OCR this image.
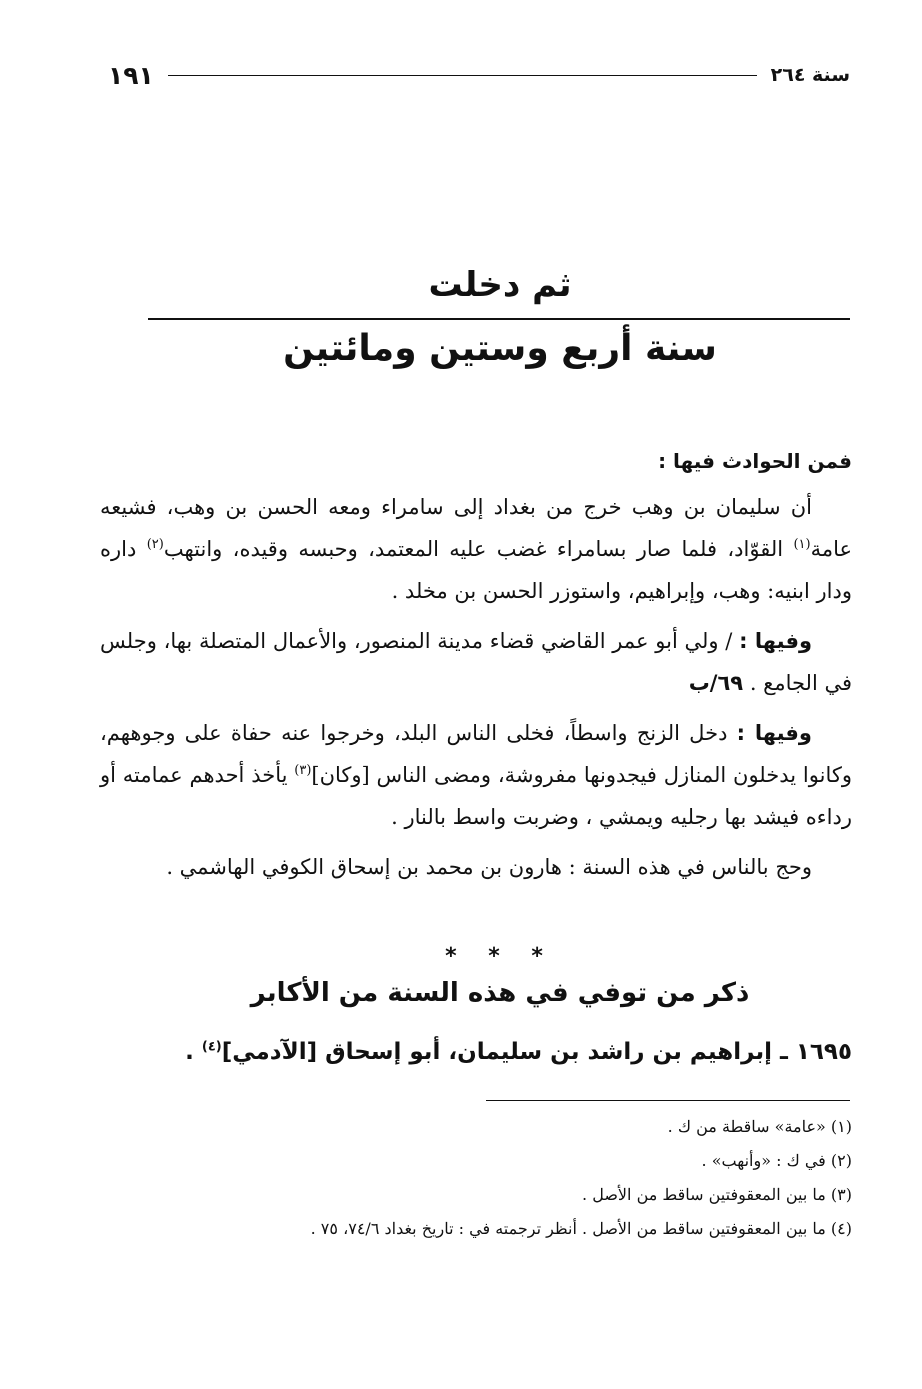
سنة ٢٦٤
١٩١
ثم دخلت
سنة أربع وستين ومائتين

فمن الحوادث فيها :

أن سليمان بن وهب خرج من بغداد إلى سامراء ومعه الحسن بن وهب، فشيعه عامة$^{(١)}$ القوّاد، فلما صار بسامراء غضب عليه المعتمد، وحبسه وقيده، وانتهب$^{(٢)}$ داره ودار ابنيه: وهب، وإبراهيم، واستوزر الحسن بن مخلد .

وفيها : / ولي أبو عمر القاضي قضاء مدينة المنصور، والأعمال المتصلة بها، وجلس في الجامع . ٦٩/ب

وفيها : دخل الزنج واسطاً، فخلى الناس البلد، وخرجوا عنه حفاة على وجوههم، وكانوا يدخلون المنازل فيجدونها مفروشة، ومضى الناس [وكان]$^{(٣)}$ يأخذ أحدهم عمامته أو رداءه فيشد بها رجليه ويمشي ، وضربت واسط بالنار .

وحج بالناس في هذه السنة : هارون بن محمد بن إسحاق الكوفي الهاشمي .

* * *
ذكر من توفي في هذه السنة من الأكابر
١٦٩٥ ـ إبراهيم بن راشد بن سليمان، أبو إسحاق [الآدمي]$^{(٤)}$ .
(١) «عامة» ساقطة من ك .
(٢) في ك : «وأنهب» .
(٣) ما بين المعقوفتين ساقط من الأصل .
(٤) ما بين المعقوفتين ساقط من الأصل . أنظر ترجمته في : تاريخ بغداد ٧٤/٦، ٧٥ .
